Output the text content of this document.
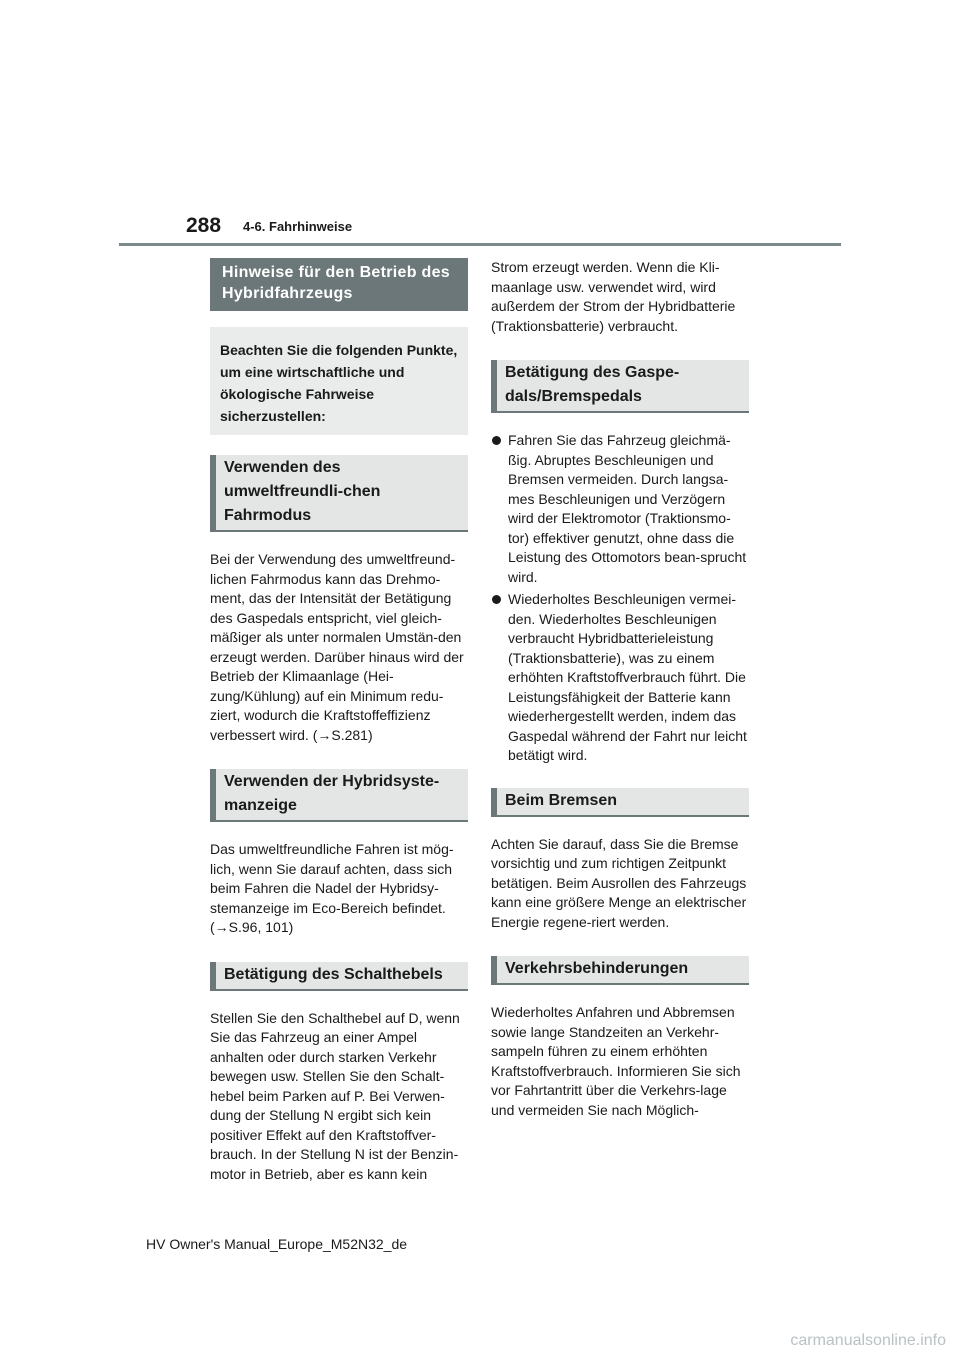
288 4-6. Fahrhinweise
Hinweise für den Betrieb des Hybridfahrzeugs
Beachten Sie die folgenden Punkte, um eine wirtschaftliche und ökologische Fahrweise sicherzustellen:
Verwenden des umweltfreundli-chen Fahrmodus

Bei der Verwendung des umweltfreund-lichen Fahrmodus kann das Drehmo-ment, das der Intensität der Betätigung des Gaspedals entspricht, viel gleich-mäßiger als unter normalen Umstän-den erzeugt werden. Darüber hinaus wird der Betrieb der Klimaanlage (Hei-zung/Kühlung) auf ein Minimum redu-ziert, wodurch die Kraftstoffeffizienz verbessert wird. (→S.281)

Verwenden der Hybridsyste-manzeige

Das umweltfreundliche Fahren ist mög-lich, wenn Sie darauf achten, dass sich beim Fahren die Nadel der Hybridsy-stemanzeige im Eco-Bereich befindet. (→S.96, 101)

Betätigung des Schalthebels

Stellen Sie den Schalthebel auf D, wenn Sie das Fahrzeug an einer Ampel anhalten oder durch starken Verkehr bewegen usw. Stellen Sie den Schalt-hebel beim Parken auf P. Bei Verwen-dung der Stellung N ergibt sich kein positiver Effekt auf den Kraftstoffver-brauch. In der Stellung N ist der Benzin-motor in Betrieb, aber es kann kein

Strom erzeugt werden. Wenn die Kli-maanlage usw. verwendet wird, wird außerdem der Strom der Hybridbatterie (Traktionsbatterie) verbraucht.

Betätigung des Gaspe-dals/Bremspedals
Fahren Sie das Fahrzeug gleichmä-ßig. Abruptes Beschleunigen und Bremsen vermeiden. Durch langsa-mes Beschleunigen und Verzögern wird der Elektromotor (Traktionsmo-tor) effektiver genutzt, ohne dass die Leistung des Ottomotors bean-sprucht wird.
Wiederholtes Beschleunigen vermei-den. Wiederholtes Beschleunigen verbraucht Hybridbatterieleistung (Traktionsbatterie), was zu einem erhöhten Kraftstoffverbrauch führt. Die Leistungsfähigkeit der Batterie kann wiederhergestellt werden, indem das Gaspedal während der Fahrt nur leicht betätigt wird.
Beim Bremsen

Achten Sie darauf, dass Sie die Bremse vorsichtig und zum richtigen Zeitpunkt betätigen. Beim Ausrollen des Fahrzeugs kann eine größere Menge an elektrischer Energie regene-riert werden.

Verkehrsbehinderungen

Wiederholtes Anfahren und Abbremsen sowie lange Standzeiten an Verkehr-sampeln führen zu einem erhöhten Kraftstoffverbrauch. Informieren Sie sich vor Fahrtantritt über die Verkehrs-lage und vermeiden Sie nach Möglich-

HV Owner's Manual_Europe_M52N32_de
carmanualsonline.info
